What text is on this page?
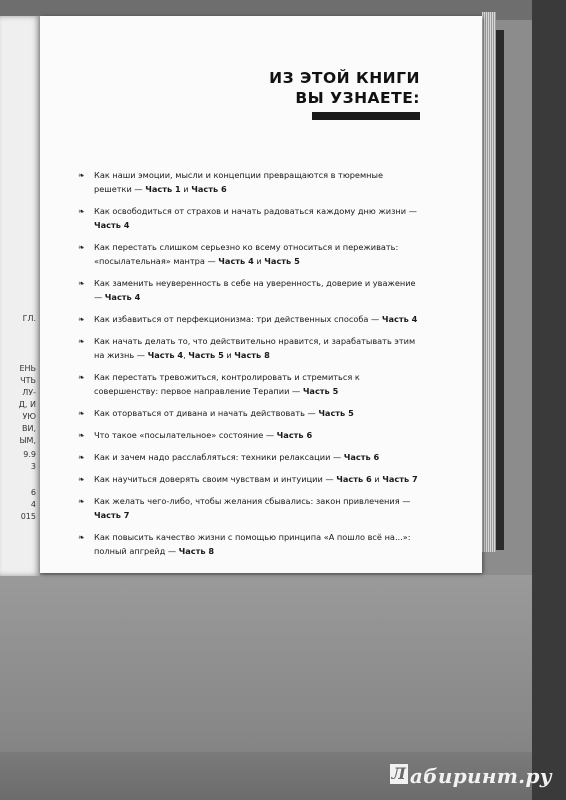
ГЛ.
ЕНЬ
ЧТЬ
ЛУ-
Д, И
УЮ
ВИ,
ЫМ,
9.9
3
6
4
015
ИЗ ЭТОЙ КНИГИ
ВЫ УЗНАЕТЕ:
❧ Как наши эмоции, мысли и концепции превращаются в тюремные решетки — Часть 1 и Часть 6
❧ Как освободиться от страхов и начать радоваться каждому дню жизни — Часть 4
❧ Как перестать слишком серьезно ко всему относиться и переживать: «посылательная» мантра — Часть 4 и Часть 5
❧ Как заменить неуверенность в себе на уверенность, доверие и уважение — Часть 4
❧ Как избавиться от перфекционизма: три действенных способа — Часть 4
❧ Как начать делать то, что действительно нравится, и зарабатывать этим на жизнь — Часть 4, Часть 5 и Часть 8
❧ Как перестать тревожиться, контролировать и стремиться к совершенству: первое направление Терапии — Часть 5
❧ Как оторваться от дивана и начать действовать — Часть 5
❧ Что такое «посылательное» состояние — Часть 6
❧ Как и зачем надо расслабляться: техники релаксации — Часть 6
❧ Как научиться доверять своим чувствам и интуиции — Часть 6 и Часть 7
❧ Как желать чего-либо, чтобы желания сбывались: закон привлечения — Часть 7
❧ Как повысить качество жизни с помощью принципа «А пошло всё на...»: полный апгрейд — Часть 8
Л абиринт.ру
